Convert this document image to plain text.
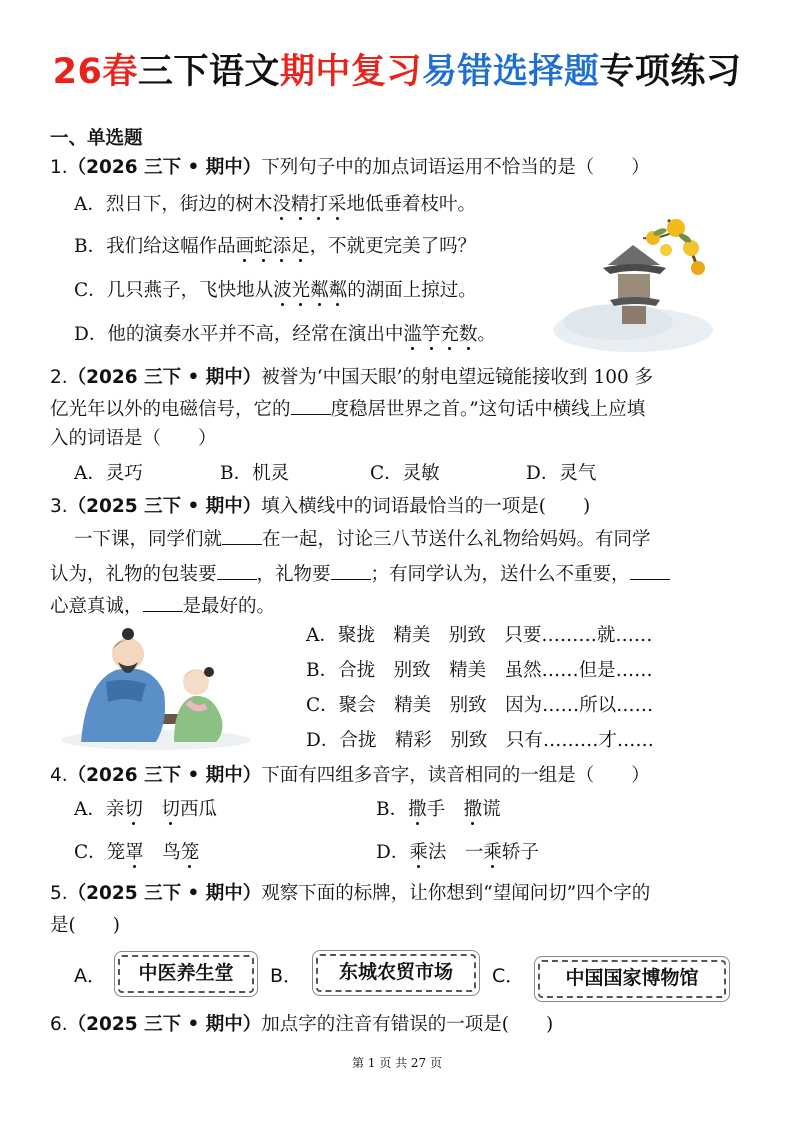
26春三下语文期中复习易错选择题专项练习
一、单选题
1.（2026 三下 • 期中）下列句子中的加点词语运用不恰当的是（　　）
A．烈日下，街边的树木没精打采地低垂着枝叶。
B．我们给这幅作品画蛇添足，不就更完美了吗？
C．几只燕子，飞快地从波光粼粼的湖面上掠过。
D．他的演奏水平并不高，经常在演出中滥竽充数。
2.（2026 三下 • 期中）被誉为‘中国天眼’的射电望远镜能接收到 100 多
亿光年以外的电磁信号，它的 度稳居世界之首。”这句话中横线上应填
入的词语是（　　）
A．灵巧	B．机灵	C．灵敏	D．灵气
3.（2025 三下 • 期中）填入横线中的词语最恰当的一项是(　　)
一下课，同学们就 在一起，讨论三八节送什么礼物给妈妈。有同学
认为，礼物的包装要 ，礼物要 ；有同学认为，送什么不重要，
心意真诚， 是最好的。
A．聚拢　精美　别致　只要………就……
B．合拢　别致　精美　虽然……但是……
C．聚会　精美　别致　因为……所以……
D．合拢　精彩　别致　只有………才……
4.（2026 三下 • 期中）下面有四组多音字，读音相同的一组是（　　）
A．亲切　 切西瓜	B．撒手　撒谎
C．笼罩　鸟笼	D．乘法　一乘轿子
5.（2025 三下 • 期中）观察下面的标牌，让你想到“望闻问切”四个字的
是(　　)
A．	中医养生堂	B．	东城农贸市场	C．	中国国家博物馆
6.（2025 三下 • 期中）加点字的注音有错误的一项是(　　)
第 1 页 共 27 页
